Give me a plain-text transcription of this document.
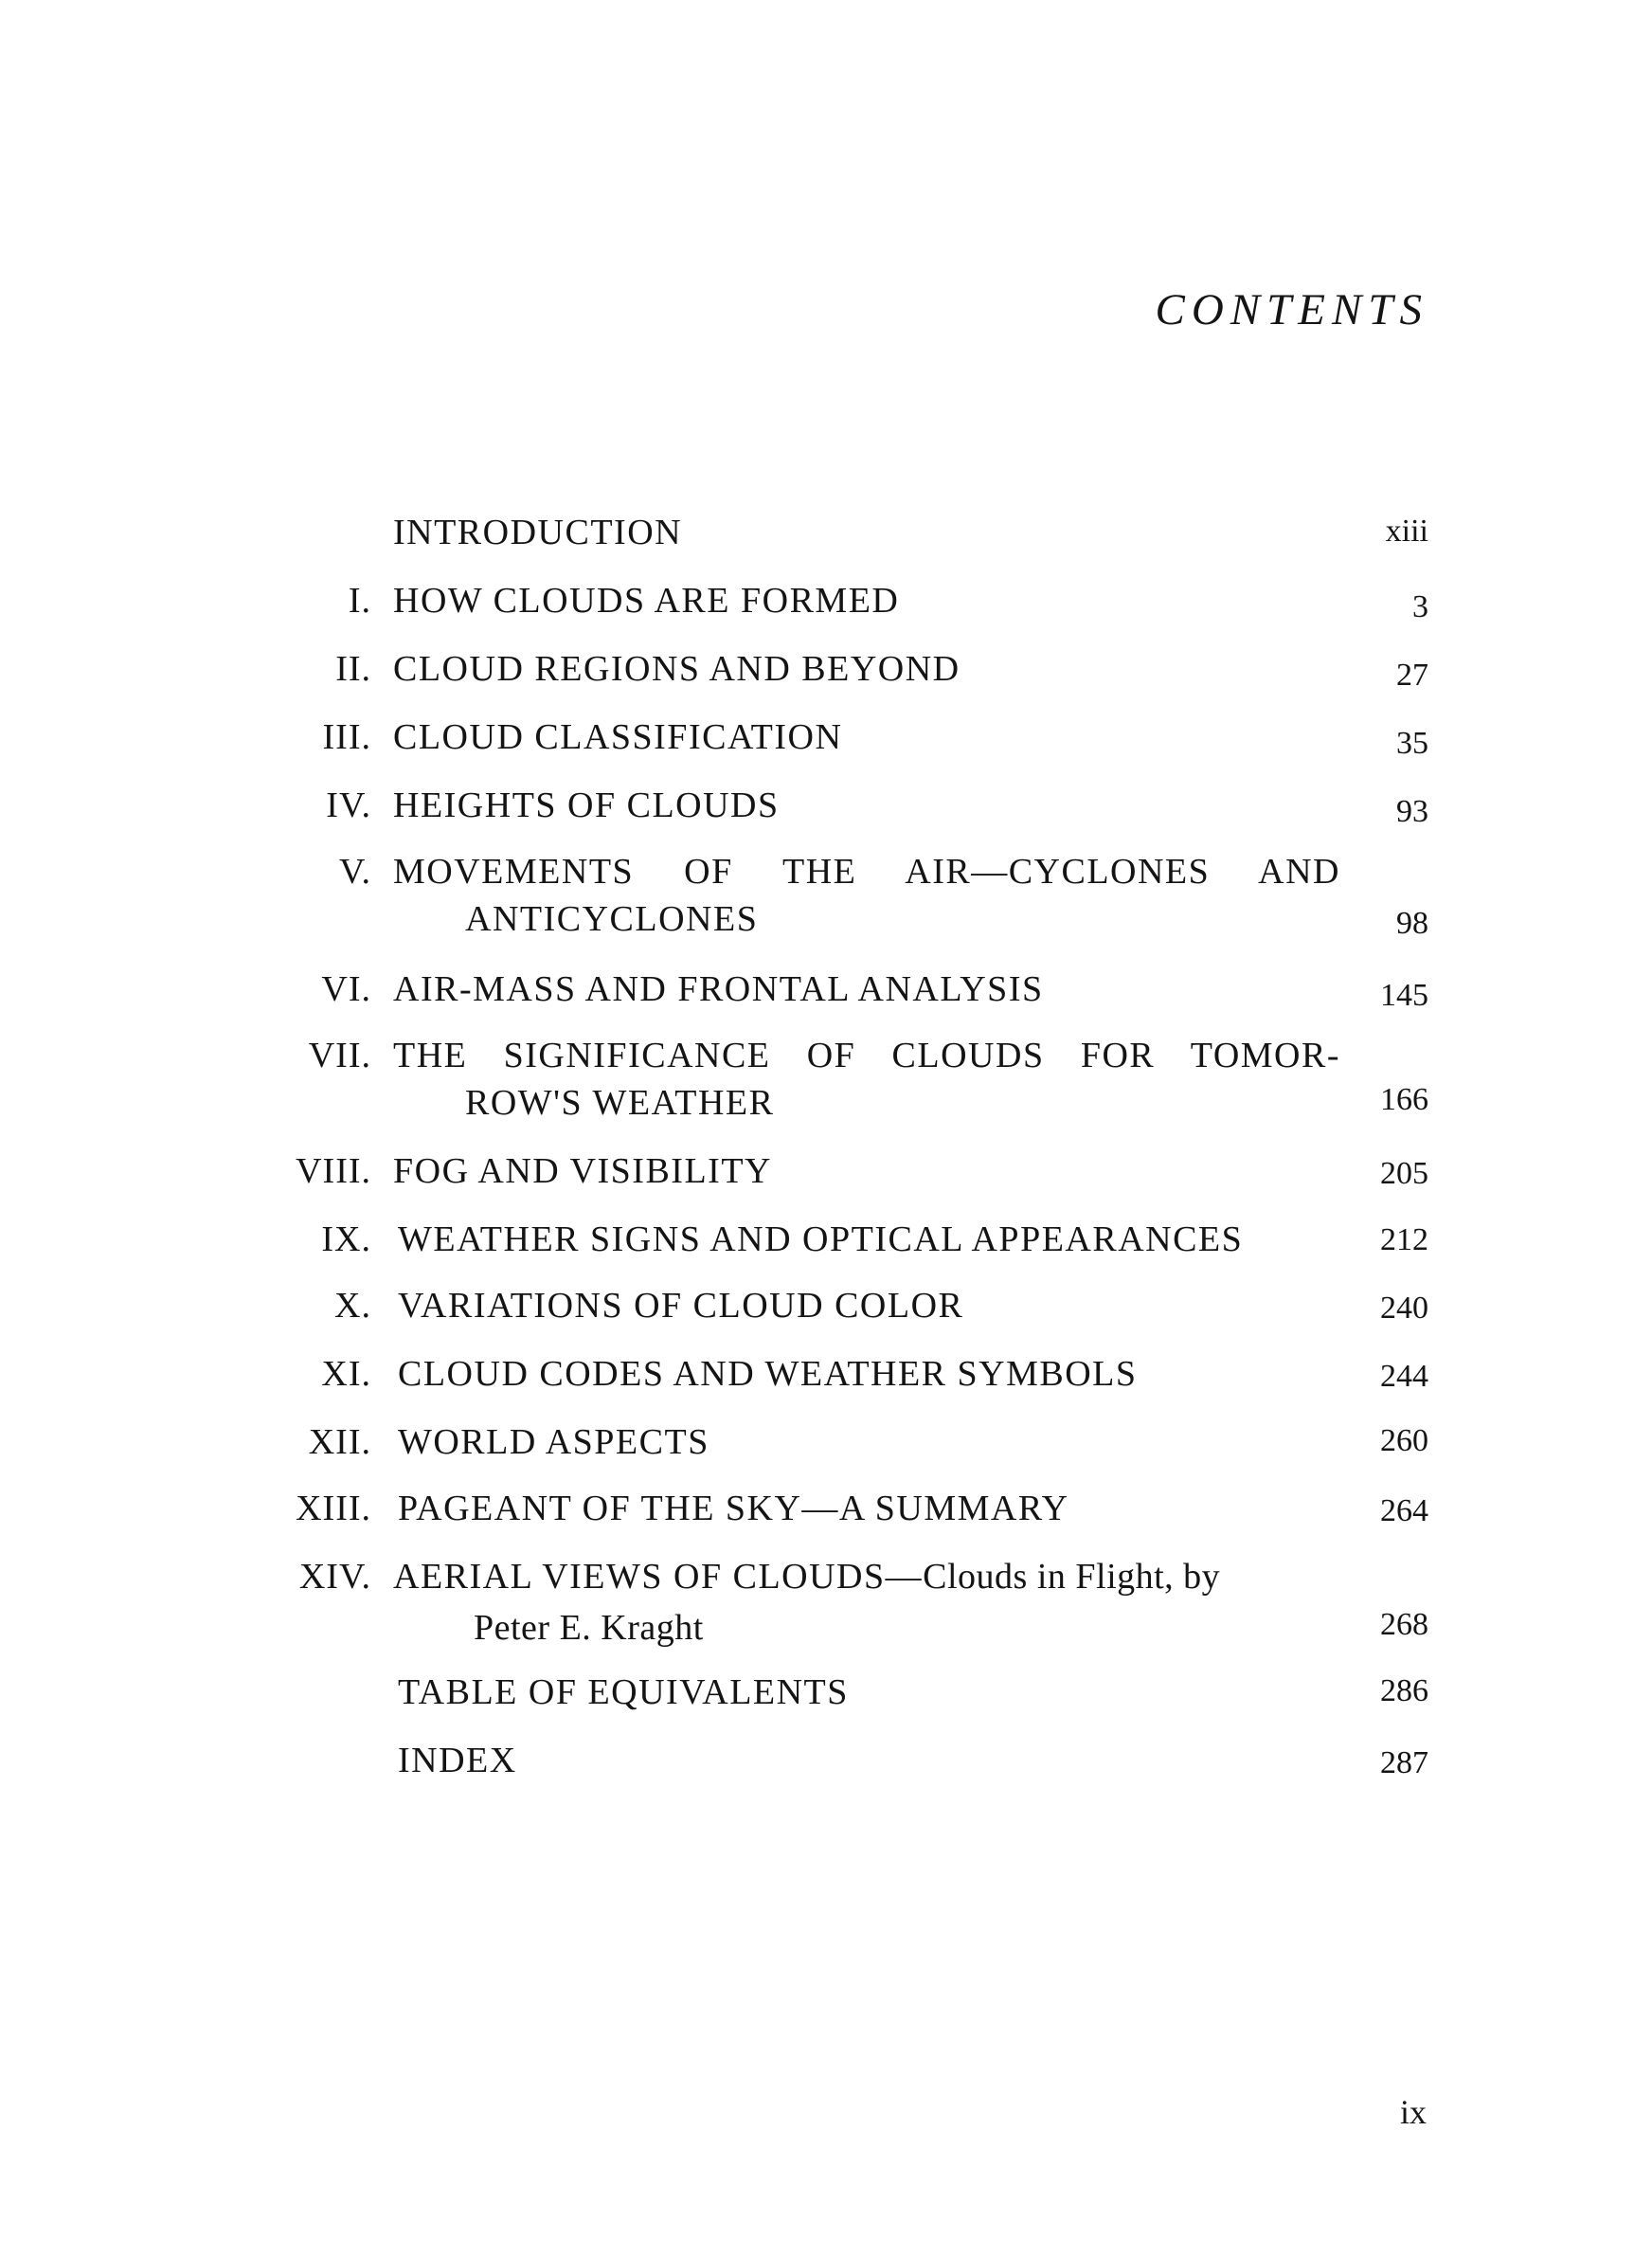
CONTENTS
INTRODUCTION	xiii
I. HOW CLOUDS ARE FORMED	3
II. CLOUD REGIONS AND BEYOND	27
III. CLOUD CLASSIFICATION	35
IV. HEIGHTS OF CLOUDS	93
V. MOVEMENTS OF THE AIR—CYCLONES AND
ANTICYCLONES	98
VI. AIR-MASS AND FRONTAL ANALYSIS	145
VII. THE SIGNIFICANCE OF CLOUDS FOR TOMOR-
ROW'S WEATHER	166
VIII. FOG AND VISIBILITY	205
IX. WEATHER SIGNS AND OPTICAL APPEARANCES	212
X. VARIATIONS OF CLOUD COLOR	240
XI. CLOUD CODES AND WEATHER SYMBOLS	244
XII. WORLD ASPECTS	260
XIII. PAGEANT OF THE SKY—A SUMMARY	264
XIV. AERIAL VIEWS OF CLOUDS—Clouds in Flight, by
Peter E. Kraght	268
TABLE OF EQUIVALENTS	286
INDEX	287

ix
